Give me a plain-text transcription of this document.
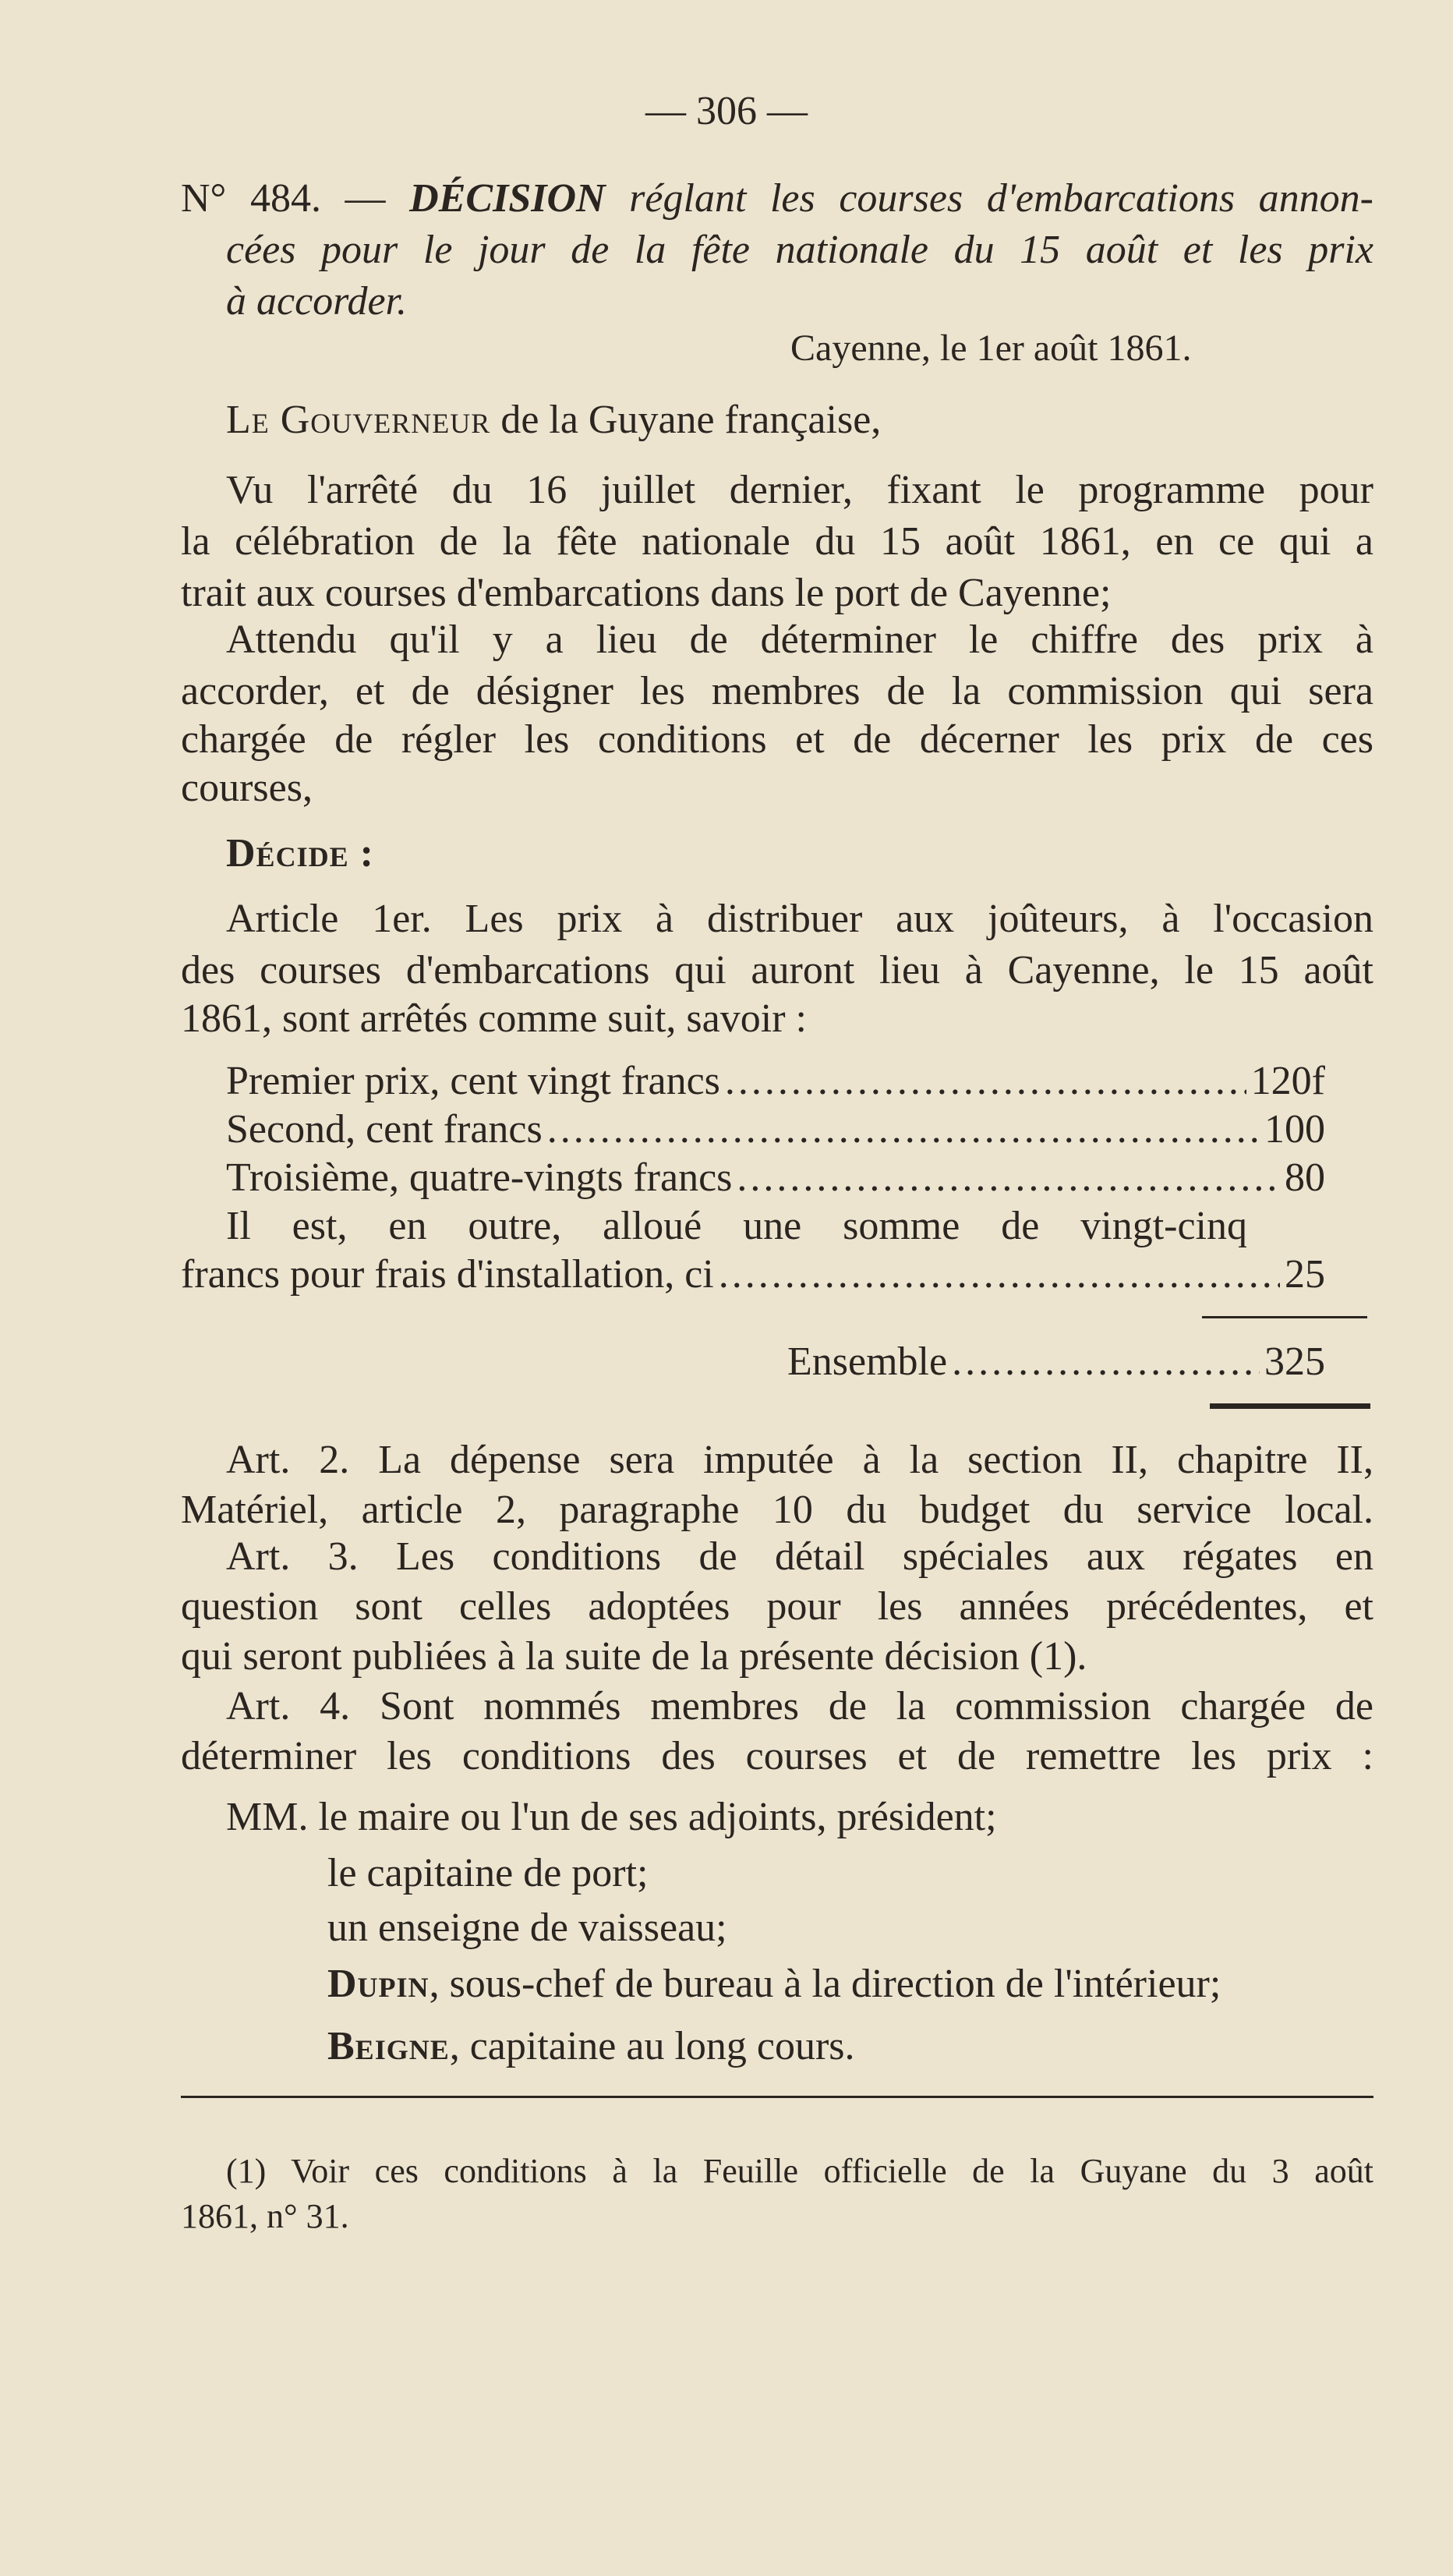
— 306 —
N° 484. — DÉCISION réglant les courses d'embarcations annon-
cées pour le jour de la fête nationale du 15 août et les prix
à accorder.
Cayenne, le 1er août 1861.
Le Gouverneur de la Guyane française,
Vu l'arrêté du 16 juillet dernier, fixant le programme pour
la célébration de la fête nationale du 15 août 1861, en ce qui a
trait aux courses d'embarcations dans le port de Cayenne;
Attendu qu'il y a lieu de déterminer le chiffre des prix à
accorder, et de désigner les membres de la commission qui sera
chargée de régler les conditions et de décerner les prix de ces
courses,
Décide :
Article 1er. Les prix à distribuer aux joûteurs, à l'occasion
des courses d'embarcations qui auront lieu à Cayenne, le 15 août
1861, sont arrêtés comme suit, savoir :
Premier prix, cent vingt francs .....	120f
Second, cent francs .....	100
Troisième, quatre-vingts francs .....	80
Il est, en outre, alloué une somme de vingt-cinq
francs pour frais d'installation, ci .....	25
Ensemble .....	325
Art. 2. La dépense sera imputée à la section II, chapitre II,
Matériel, article 2, paragraphe 10 du budget du service local.
Art. 3. Les conditions de détail spéciales aux régates en
question sont celles adoptées pour les années précédentes, et
qui seront publiées à la suite de la présente décision (1).
Art. 4. Sont nommés membres de la commission chargée de
déterminer les conditions des courses et de remettre les prix :
MM. le maire ou l'un de ses adjoints, président;
le capitaine de port;
un enseigne de vaisseau;
Dupin, sous-chef de bureau à la direction de l'intérieur;
Beigne, capitaine au long cours.
(1) Voir ces conditions à la Feuille officielle de la Guyane du 3 août
1861, n° 31.
